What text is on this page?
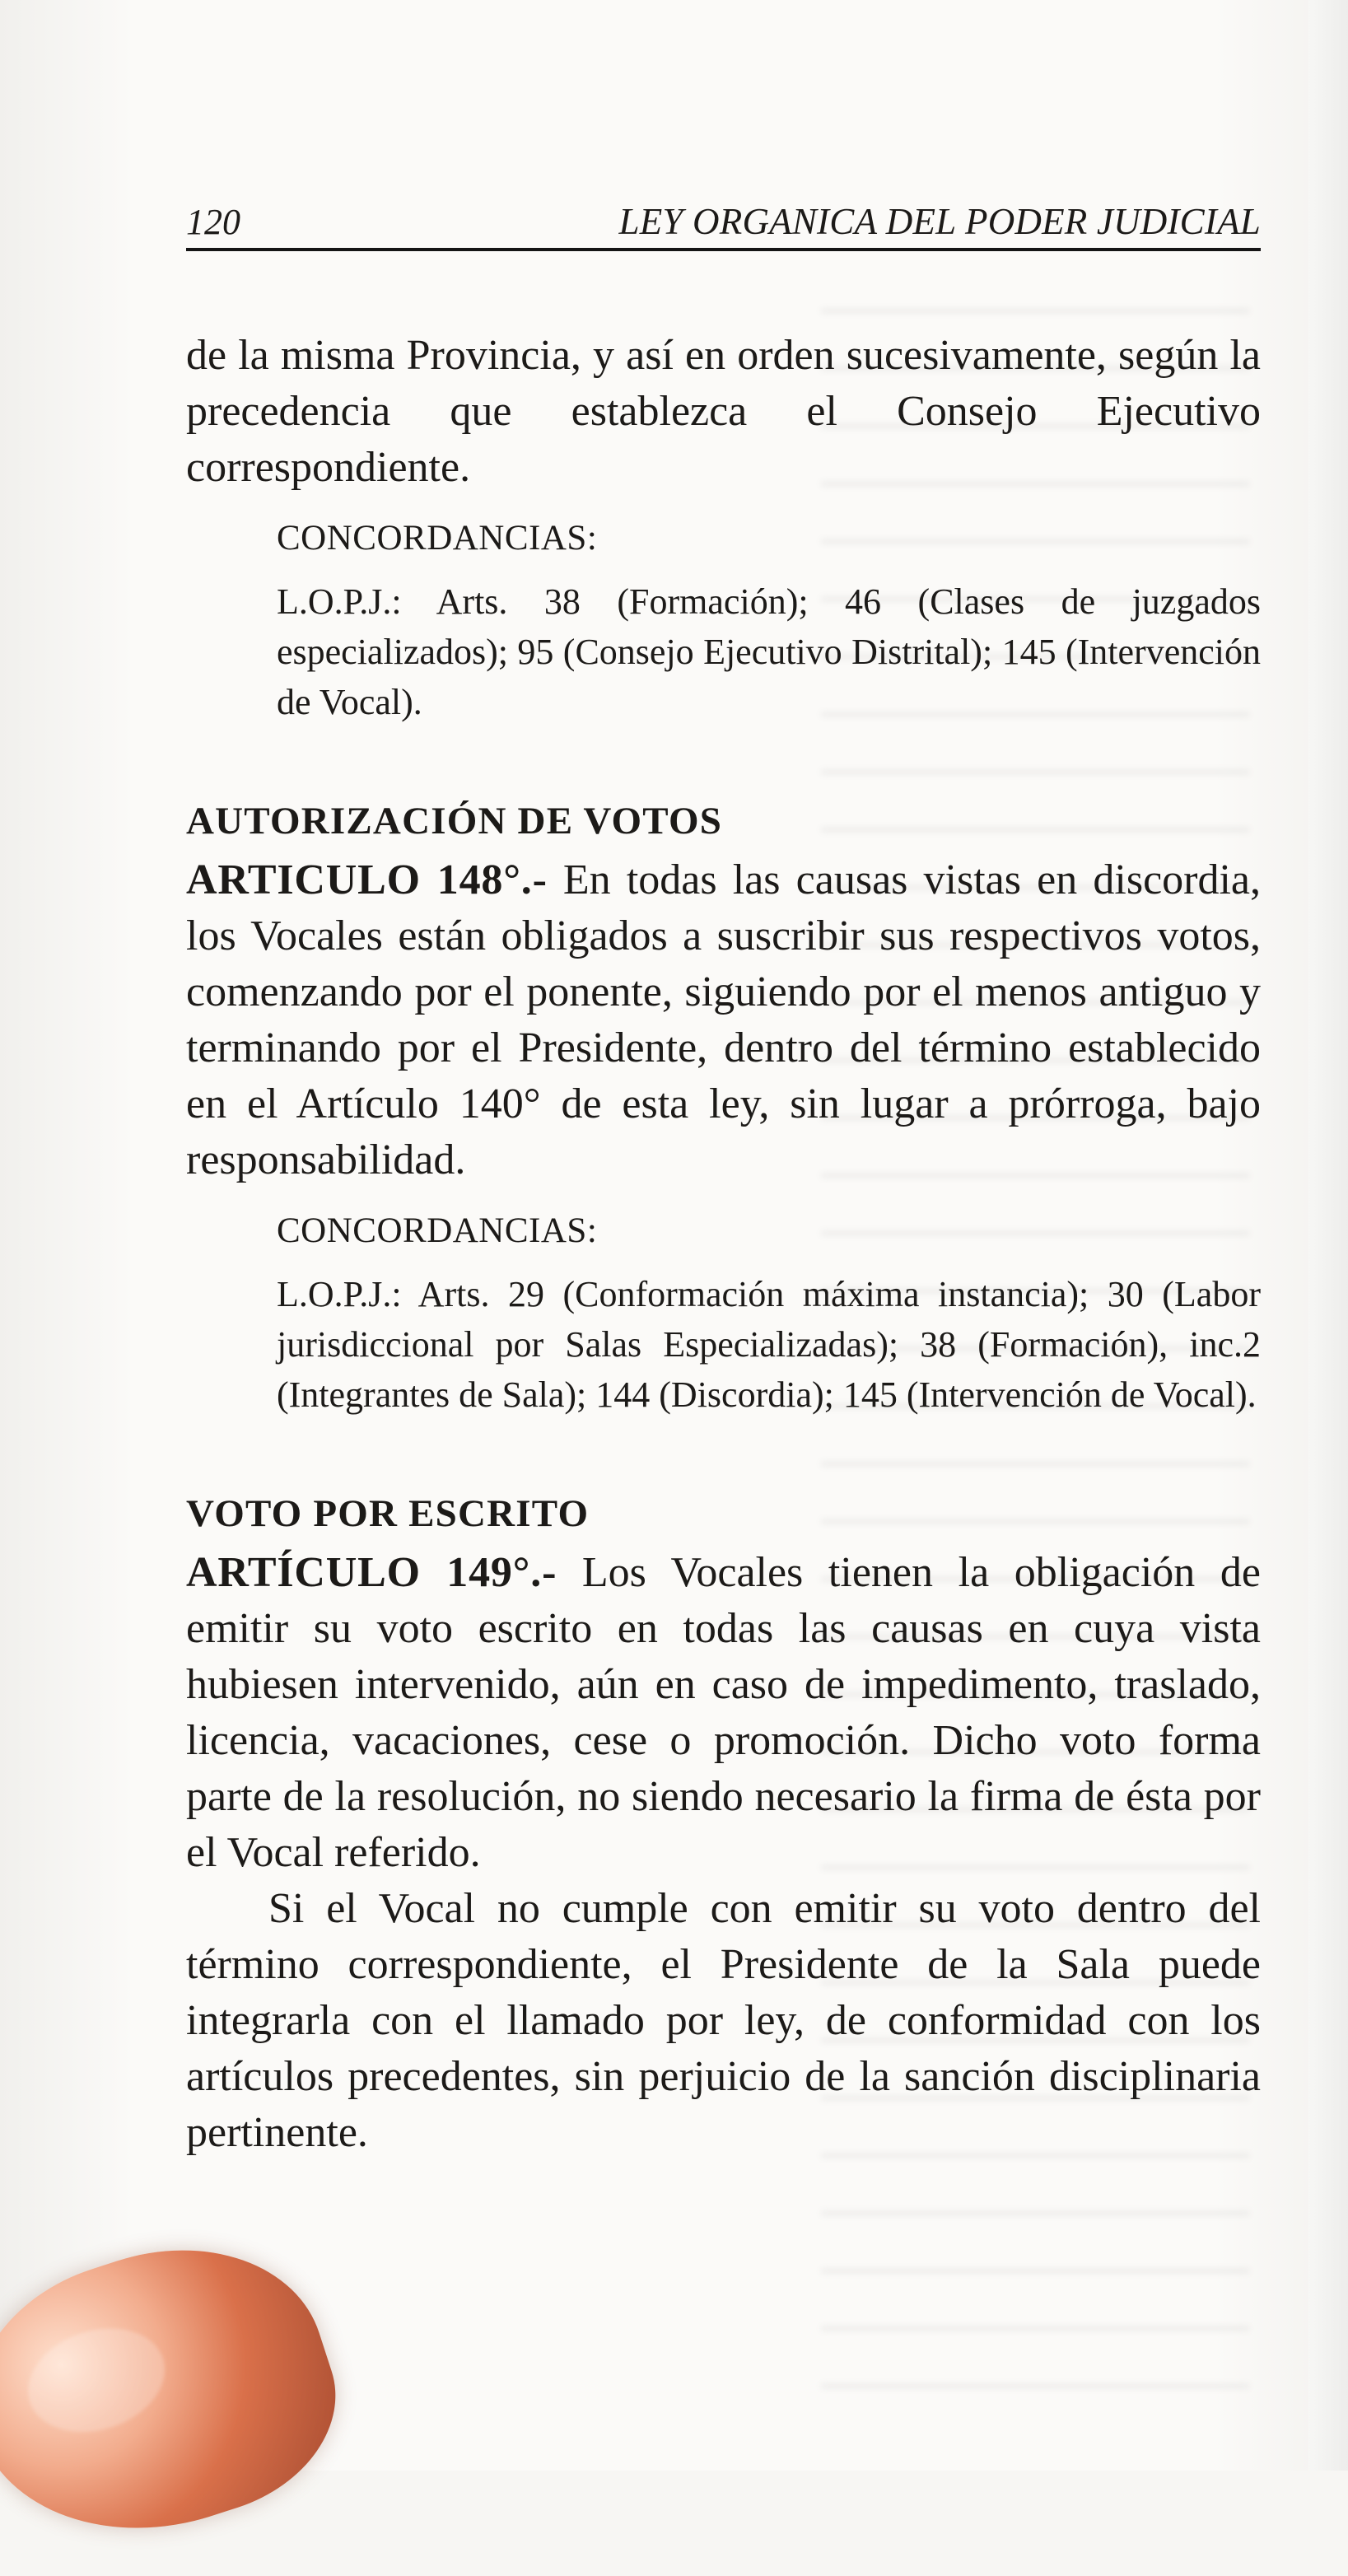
120	LEY ORGANICA DEL PODER JUDICIAL

de la misma Provincia, y así en orden sucesivamente, según la precedencia que establezca el Consejo Ejecutivo correspondiente.

CONCORDANCIAS:
L.O.P.J.: Arts. 38 (Formación); 46 (Clases de juzgados especializados); 95 (Consejo Ejecutivo Distrital); 145 (Intervención de Vocal).
AUTORIZACIÓN DE VOTOS
ARTICULO 148°.- En todas las causas vistas en discordia, los Vocales están obligados a suscribir sus respectivos votos, comenzando por el ponente, siguiendo por el menos antiguo y terminando por el Presidente, dentro del término establecido en el Artículo 140° de esta ley, sin lugar a prórroga, bajo responsabilidad.
CONCORDANCIAS:
L.O.P.J.: Arts. 29 (Conformación máxima instancia); 30 (Labor jurisdiccional por Salas Especializadas); 38 (Formación), inc.2 (Integrantes de Sala); 144 (Discordia); 145 (Intervención de Vocal).
VOTO POR ESCRITO
ARTÍCULO 149°.- Los Vocales tienen la obligación de emitir su voto escrito en todas las causas en cuya vista hubiesen intervenido, aún en caso de impedimento, traslado, licencia, vacaciones, cese o promoción. Dicho voto forma parte de la resolución, no siendo necesario la firma de ésta por el Vocal referido.

Si el Vocal no cumple con emitir su voto dentro del término correspondiente, el Presidente de la Sala puede integrarla con el llamado por ley, de conformidad con los artículos precedentes, sin perjuicio de la sanción disciplinaria pertinente.
